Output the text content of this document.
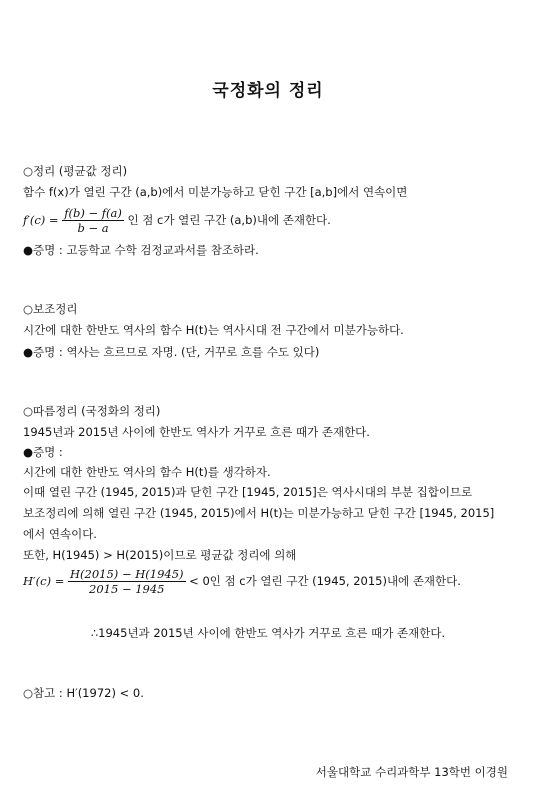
국정화의 정리
○정리 (평균값 정리)
함수 f(x)가 열린 구간 (a,b)에서 미분가능하고 닫힌 구간 [a,b]에서 연속이면
$f'(c) = \frac{f(b) - f(a)}{b - a}$ 인 점 c가 열린 구간 (a,b)내에 존재한다.
●증명 : 고등학교 수학 검정교과서를 참조하라.
○보조정리
시간에 대한 한반도 역사의 함수 H(t)는 역사시대 전 구간에서 미분가능하다.
●증명 : 역사는 흐르므로 자명. (단, 거꾸로 흐를 수도 있다)
○따름정리 (국정화의 정리)
1945년과 2015년 사이에 한반도 역사가 거꾸로 흐른 때가 존재한다.
●증명 :
시간에 대한 한반도 역사의 함수 H(t)를 생각하자.
이때 열린 구간 (1945, 2015)과 닫힌 구간 [1945, 2015]은 역사시대의 부분 집합이므로
보조정리에 의해 열린 구간 (1945, 2015)에서 H(t)는 미분가능하고 닫힌 구간 [1945, 2015]
에서 연속이다.
또한, H(1945) > H(2015)이므로 평균값 정리에 의해
$H'(c) = \frac{H(2015) - H(1945)}{2015 - 1945} < 0$인 점 c가 열린 구간 (1945, 2015)내에 존재한다.
∴1945년과 2015년 사이에 한반도 역사가 거꾸로 흐른 때가 존재한다.
○참고 : H′(1972) < 0.
서울대학교 수리과학부 13학번 이경원
